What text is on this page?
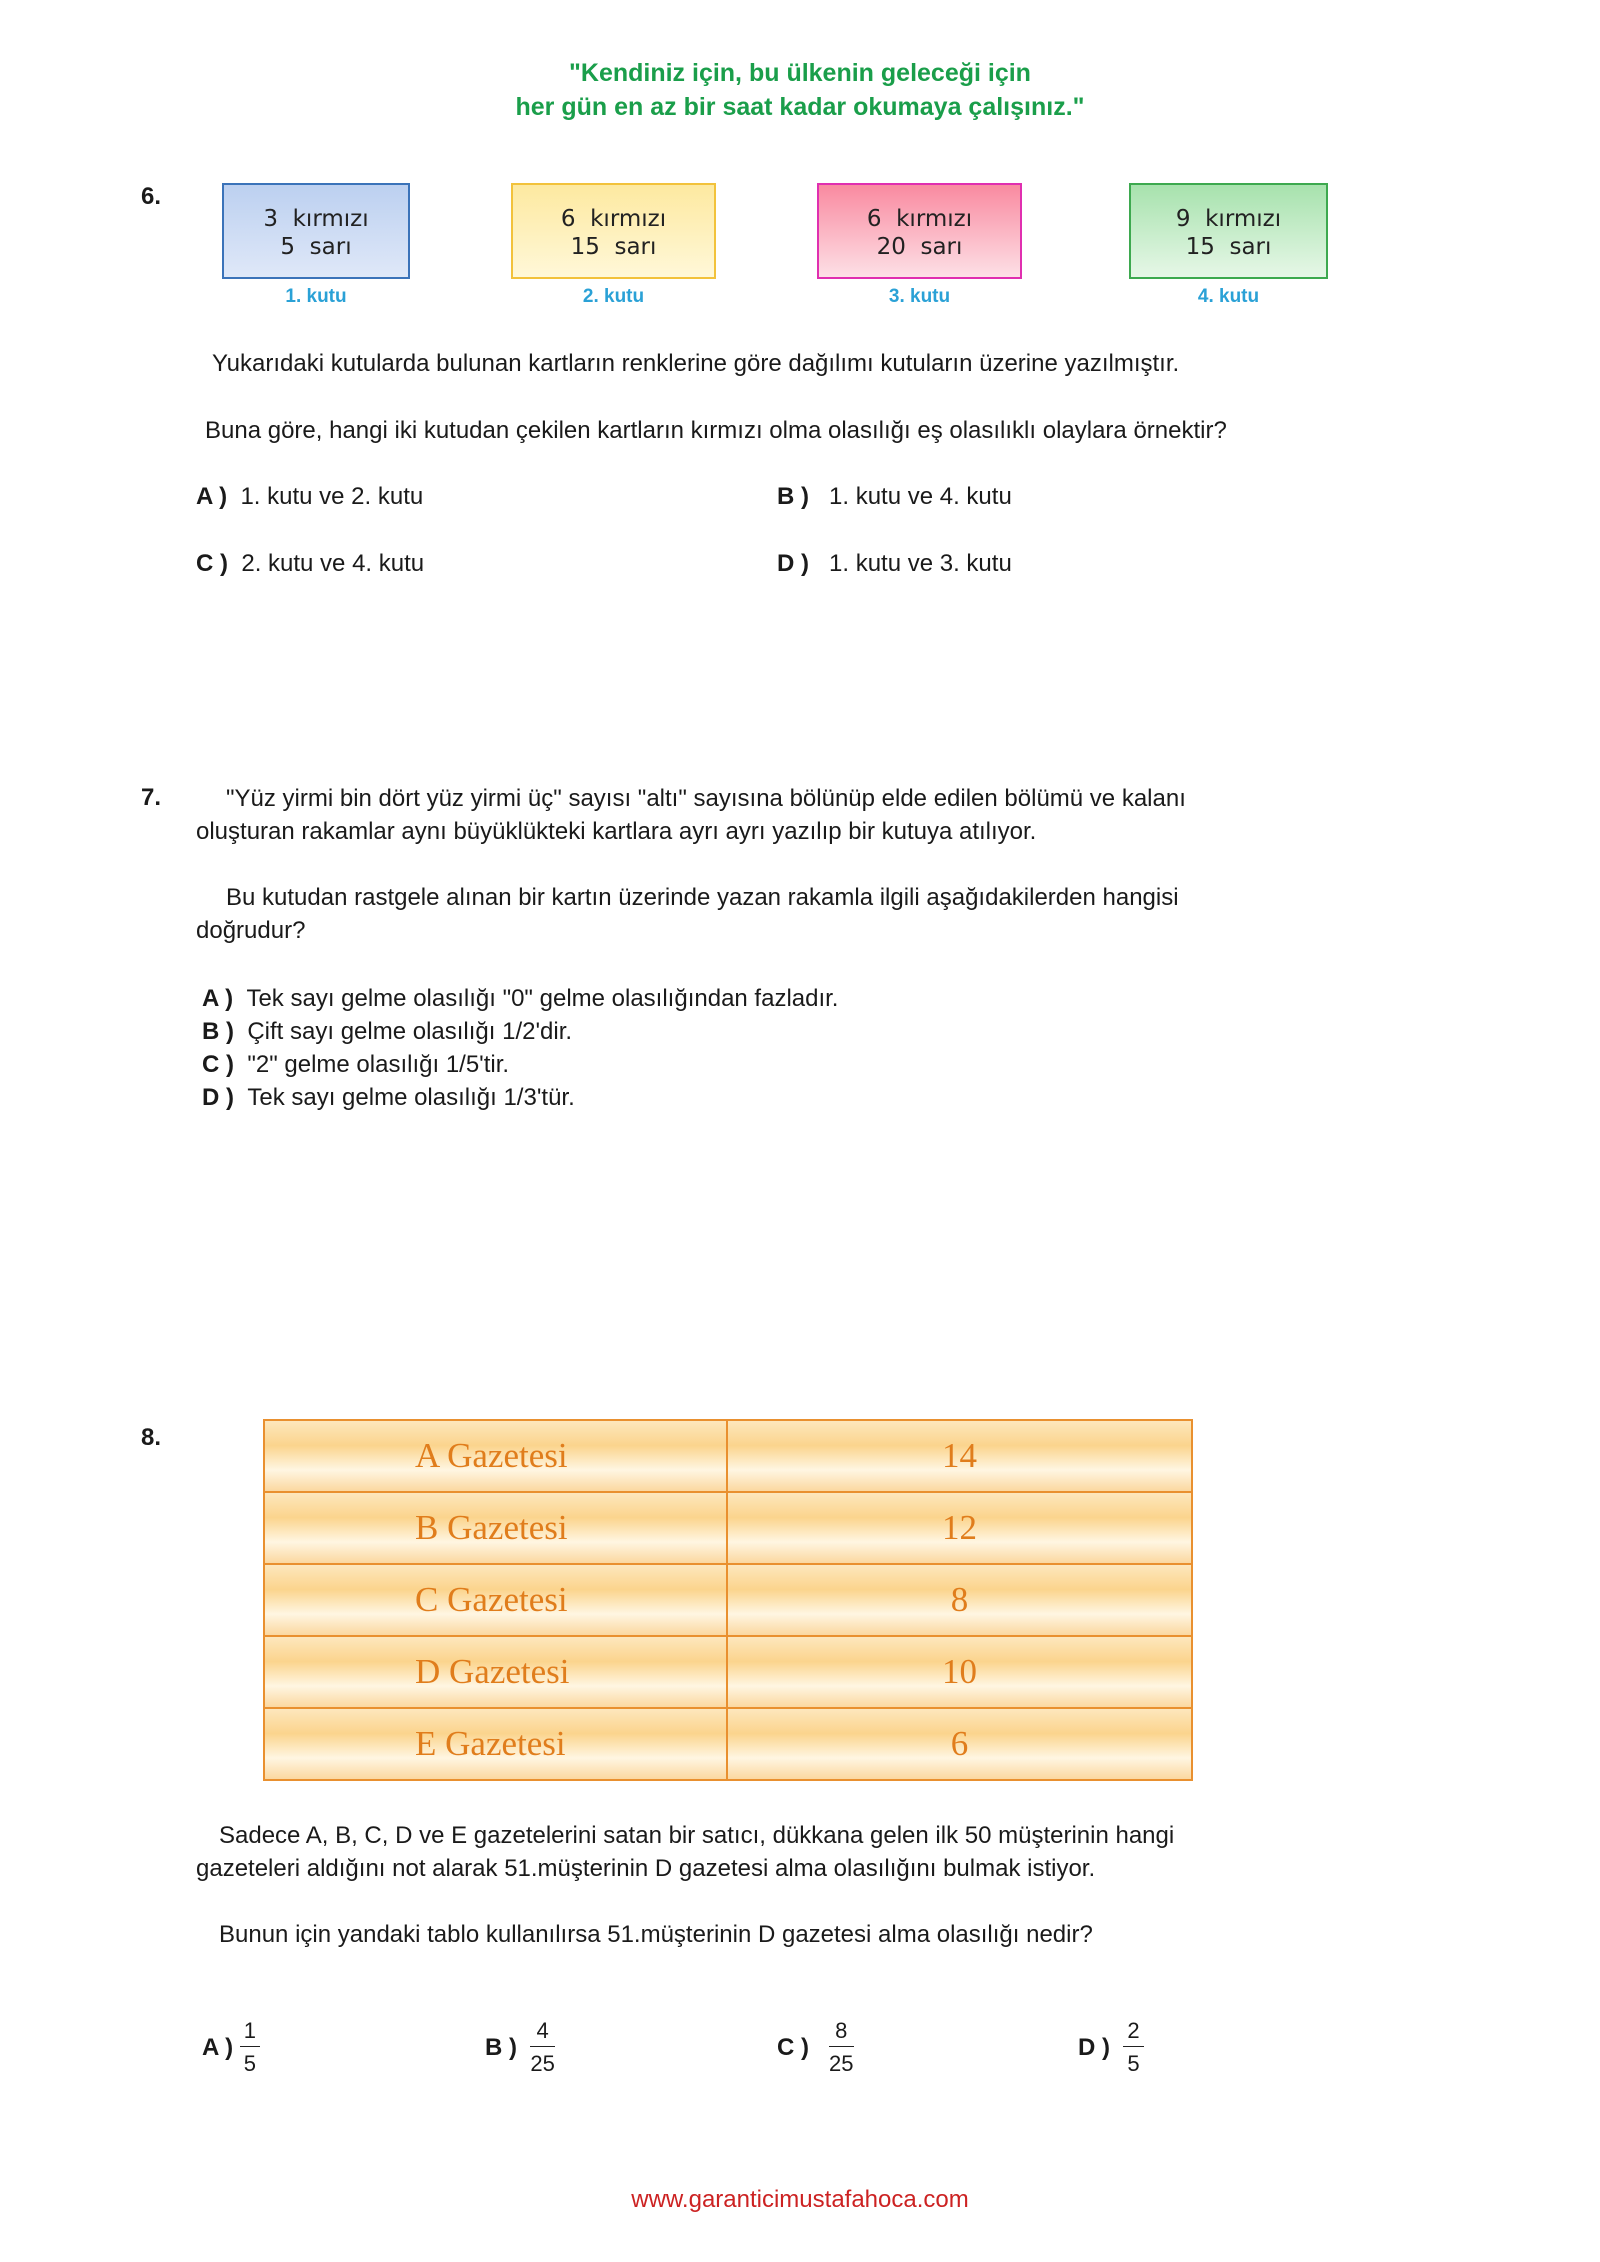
"Kendiniz için, bu ülkenin geleceği için
her gün en az bir saat kadar okumaya çalışınız."
6.
3  kırmızı
5  sarı
6  kırmızı
15  sarı
6  kırmızı
20  sarı
9  kırmızı
15  sarı
1. kutu	2. kutu	3. kutu	4. kutu
Yukarıdaki kutularda bulunan kartların renklerine göre dağılımı kutuların üzerine yazılmıştır.
Buna göre, hangi iki kutudan çekilen kartların kırmızı olma olasılığı eş olasılıklı olaylara örnektir?
A ) 1. kutu ve 2. kutu	B ) 1. kutu ve 4. kutu
C ) 2. kutu ve 4. kutu	D ) 1. kutu ve 3. kutu
7.	"Yüz yirmi bin dört yüz yirmi üç" sayısı "altı" sayısına bölünüp elde edilen bölümü ve kalanı
oluşturan rakamlar aynı büyüklükteki kartlara ayrı ayrı yazılıp bir kutuya atılıyor.
Bu kutudan rastgele alınan bir kartın üzerinde yazan rakamla ilgili aşağıdakilerden hangisi
doğrudur?
A ) Tek sayı gelme olasılığı "0" gelme olasılığından fazladır.
B ) Çift sayı gelme olasılığı 1/2'dir.
C ) "2" gelme olasılığı 1/5'tir.
D ) Tek sayı gelme olasılığı 1/3'tür.
8.	A Gazetesi	14
B Gazetesi	12
C Gazetesi	8
D Gazetesi	10
E Gazetesi	6
Sadece A, B, C, D ve E gazetelerini satan bir satıcı, dükkana gelen ilk 50 müşterinin hangi
gazeteleri aldığını not alarak 51.müşterinin D gazetesi alma olasılığını bulmak istiyor.
Bunun için yandaki tablo kullanılırsa 51.müşterinin D gazetesi alma olasılığı nedir?
A ) $\frac{1}{5}$	B ) $\frac{4}{25}$	C ) $\frac{8}{25}$	D ) $\frac{2}{5}$
www.garanticimustafahoca.com
